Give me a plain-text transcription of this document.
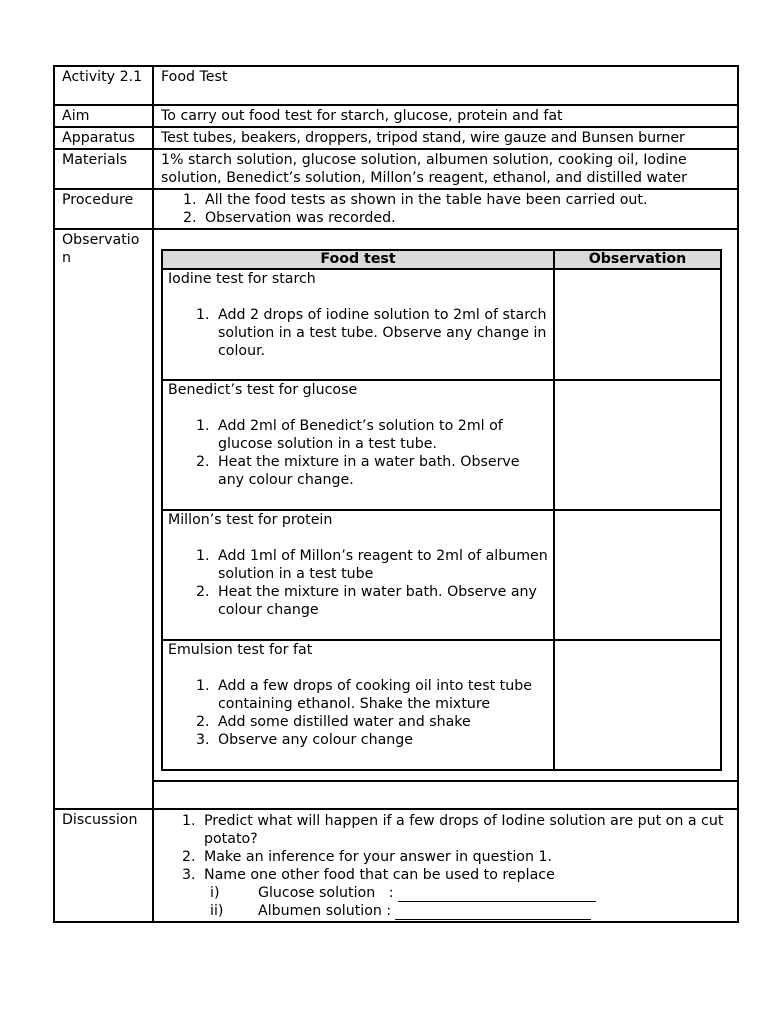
Activity 2.1	Food Test
Aim	To carry out food test for starch, glucose, protein and fat
Apparatus	Test tubes, beakers, droppers, tripod stand, wire gauze and Bunsen burner
Materials	1% starch solution, glucose solution, albumen solution, cooking oil, Iodine solution, Benedict’s solution, Millon’s reagent, ethanol, and distilled water
Procedure	
1.All the food tests as shown in the table have been carried out.
2. Observation was recorded.

Observation		Food test	Observation

Iodine test for starch
1. Add 2 drops of iodine solution to 2ml of starch solution in a test tube. Observe any change in colour.

Benedict’s test for glucose
1. Add 2ml of Benedict’s solution to 2ml of glucose solution in a test tube.
2. Heat the mixture in a water bath. Observe any colour change.

Millon’s test for protein
1. Add 1ml of Millon’s reagent to 2ml of albumen solution in a test tube
2. Heat the mixture in water bath. Observe any colour change

Emulsion test for fat
1. Add a few drops of cooking oil into test tube containing ethanol. Shake the mixture
2. Add some distilled water and shake
3. Observe any colour change

Discussion	
1.Predict what will happen if a few drops of Iodine solution are put on a cut potato?
2. Make an inference for your answer in question 1.
3. Name one other food that can be used to replace
i)	Glucose solution   :
ii)	Albumen solution :
